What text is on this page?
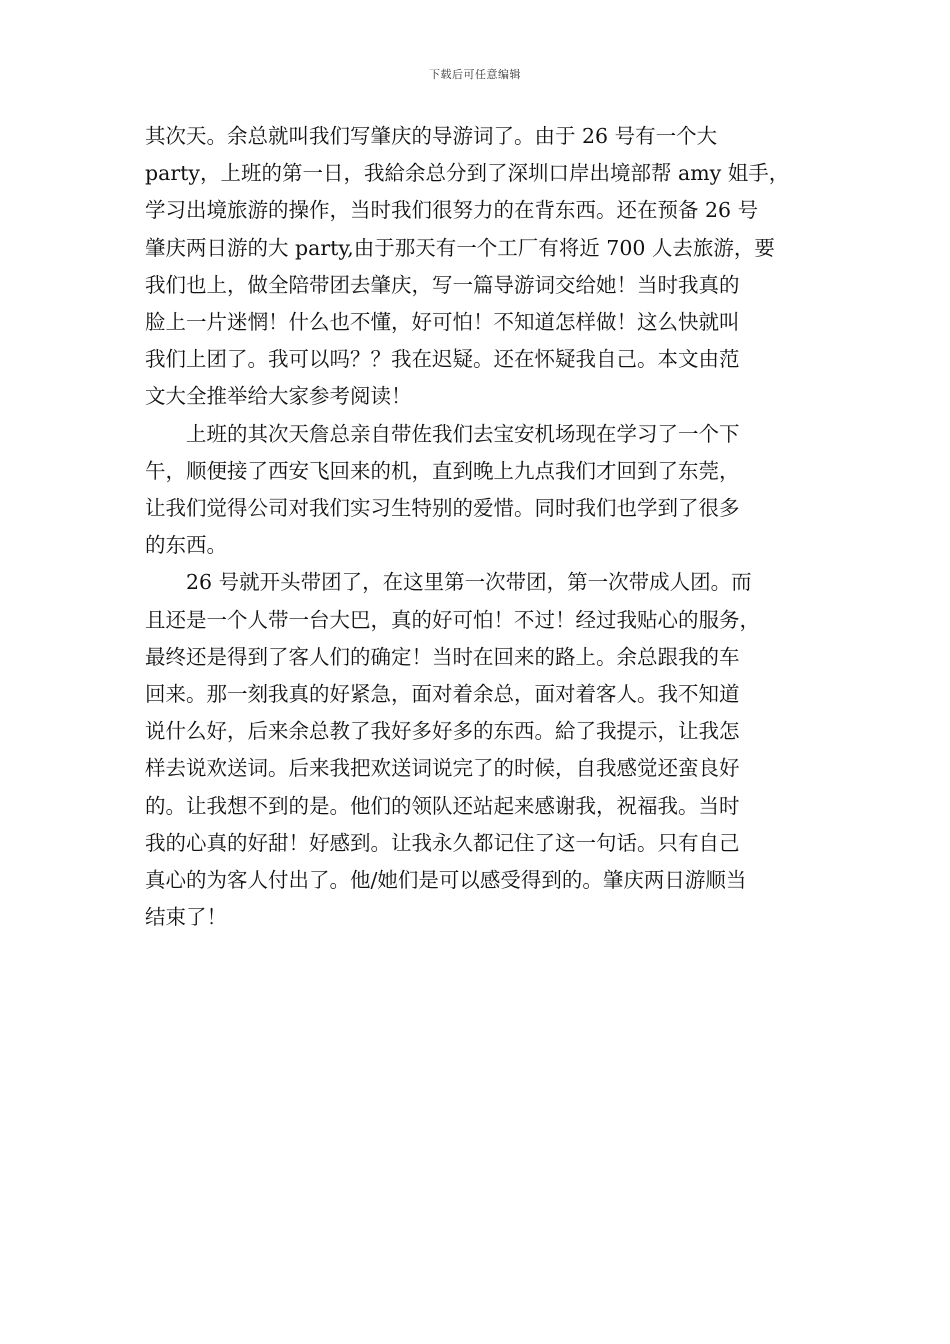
下载后可任意编辑
其次天。余总就叫我们写肇庆的导游词了。由于 26 号有一个大
party，上班的第一日，我給余总分到了深圳口岸出境部帮 amy 姐手，
学习出境旅游的操作，当时我们很努力的在背东西。还在预备 26 号
肇庆两日游的大 party,由于那天有一个工厂有将近 700 人去旅游，要
我们也上，做全陪带团去肇庆，写一篇导游词交给她！当时我真的
脸上一片迷惘！什么也不懂，好可怕！不知道怎样做！这么快就叫
我们上团了。我可以吗？？我在迟疑。还在怀疑我自己。本文由范
文大全推举给大家参考阅读！
　　上班的其次天詹总亲自带佐我们去宝安机场现在学习了一个下
午，顺便接了西安飞回来的机，直到晚上九点我们才回到了东莞，
让我们觉得公司对我们实习生特别的爱惜。同时我们也学到了很多
的东西。
　　26 号就开头带团了，在这里第一次带团，第一次带成人团。而
且还是一个人带一台大巴，真的好可怕！不过！经过我贴心的服务，
最终还是得到了客人们的确定！当时在回来的路上。余总跟我的车
回来。那一刻我真的好紧急，面对着余总，面对着客人。我不知道
说什么好，后来余总教了我好多好多的东西。給了我提示，让我怎
样去说欢送词。后来我把欢送词说完了的时候，自我感觉还蛮良好
的。让我想不到的是。他们的领队还站起来感谢我，祝福我。当时
我的心真的好甜！好感到。让我永久都记住了这一句话。只有自己
真心的为客人付出了。他/她们是可以感受得到的。肇庆两日游顺当
结束了！
